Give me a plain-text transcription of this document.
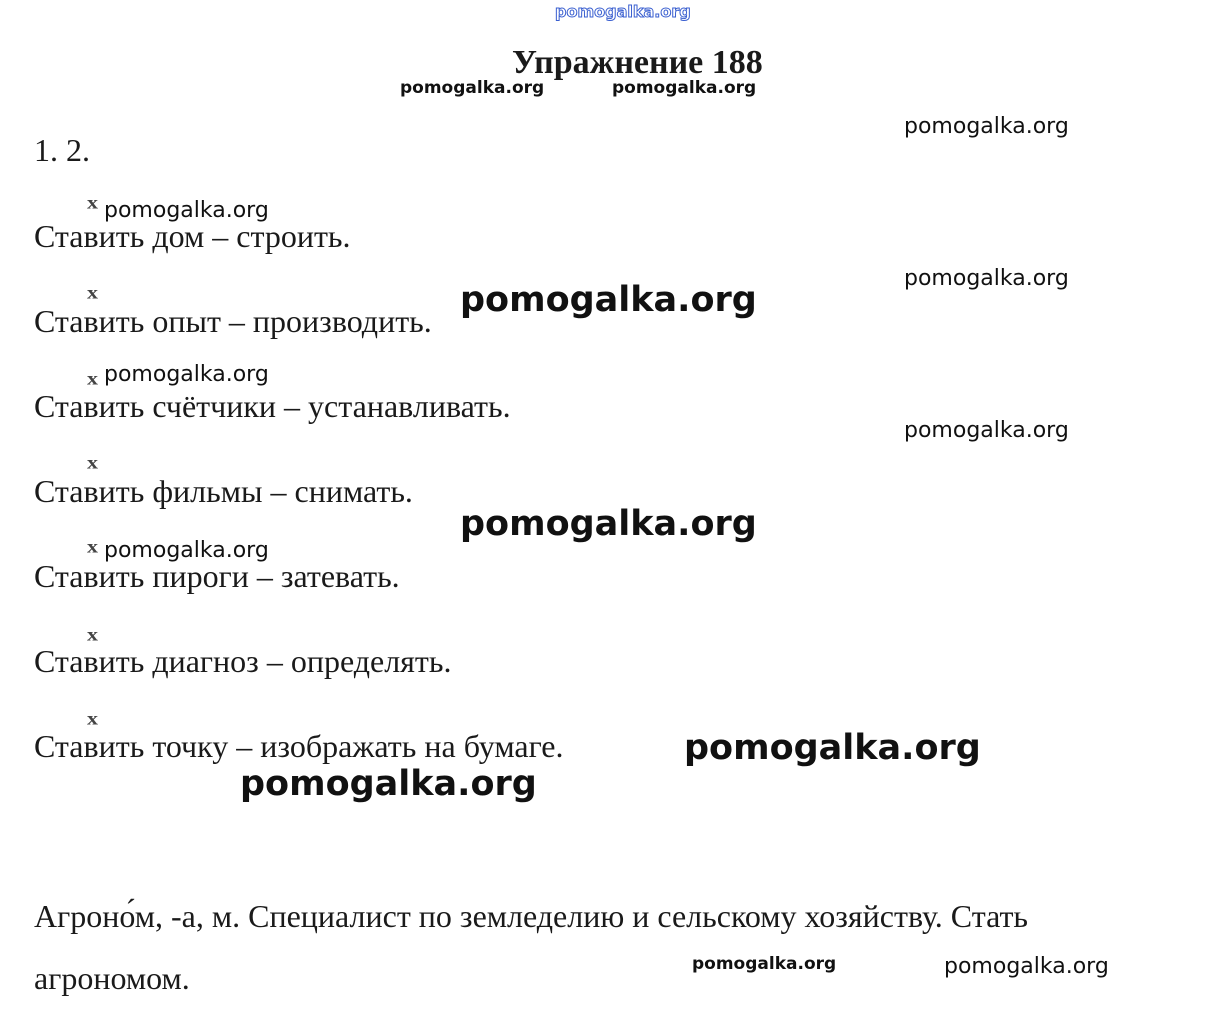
pomogalka.org
Упражнение 188
1. 2.
x
x
x
x
x
x
x
Ставить дом – строить.
Ставить опыт – производить.
Ставить счётчики – устанавливать.
Ставить фильмы – снимать.
Ставить пироги – затевать.
Ставить диагноз – определять.
Ставить точку – изображать на бумаге.
Агроно́м, -а, м. Специалист по земледелию и сельскому хозяйству. Стать
агрономом.
pomogalka.org	pomogalka.org
pomogalka.org
pomogalka.org
pomogalka.org
pomogalka.org
pomogalka.org
pomogalka.org
pomogalka.org
pomogalka.org
pomogalka.org
pomogalka.org
pomogalka.org	pomogalka.org
